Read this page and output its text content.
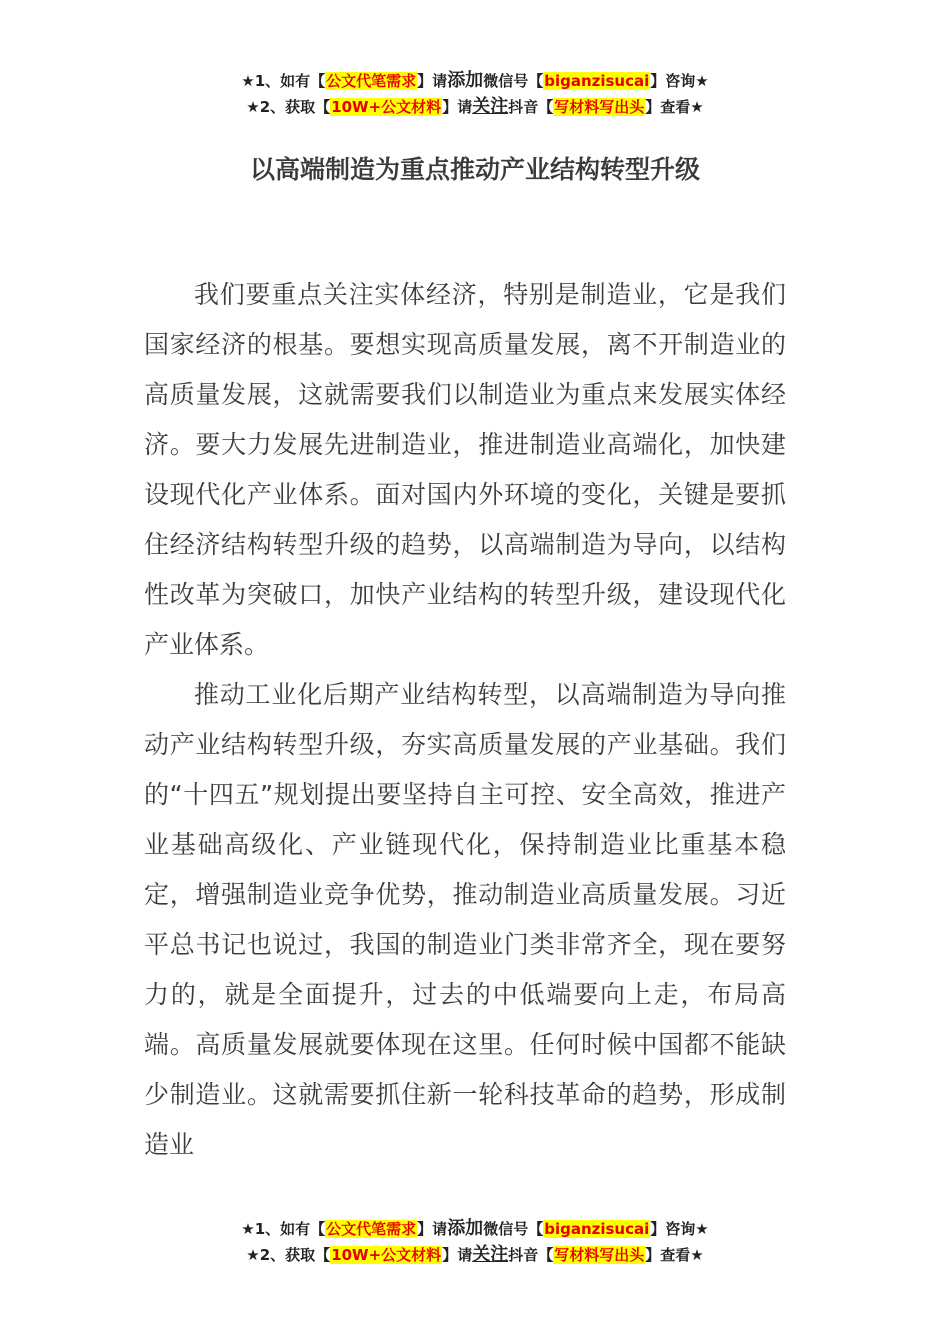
★1、如有【公文代笔需求】请添加微信号【biganzisucai】咨询★
★2、获取【10W+公文材料】请关注抖音【写材料写出头】查看★
以高端制造为重点推动产业结构转型升级

我们要重点关注实体经济，特别是制造业，它是我们国家经济的根基。要想实现高质量发展，离不开制造业的高质量发展，这就需要我们以制造业为重点来发展实体经济。要大力发展先进制造业，推进制造业高端化，加快建设现代化产业体系。面对国内外环境的变化，关键是要抓住经济结构转型升级的趋势，以高端制造为导向，以结构性改革为突破口，加快产业结构的转型升级，建设现代化产业体系。

推动工业化后期产业结构转型，以高端制造为导向推动产业结构转型升级，夯实高质量发展的产业基础。我们的“十四五”规划提出要坚持自主可控、安全高效，推进产业基础高级化、产业链现代化，保持制造业比重基本稳定，增强制造业竞争优势，推动制造业高质量发展。习近平总书记也说过，我国的制造业门类非常齐全，现在要努力的，就是全面提升，过去的中低端要向上走，布局高端。高质量发展就要体现在这里。任何时候中国都不能缺少制造业。这就需要抓住新一轮科技革命的趋势，形成制造业

★1、如有【公文代笔需求】请添加微信号【biganzisucai】咨询★
★2、获取【10W+公文材料】请关注抖音【写材料写出头】查看★
